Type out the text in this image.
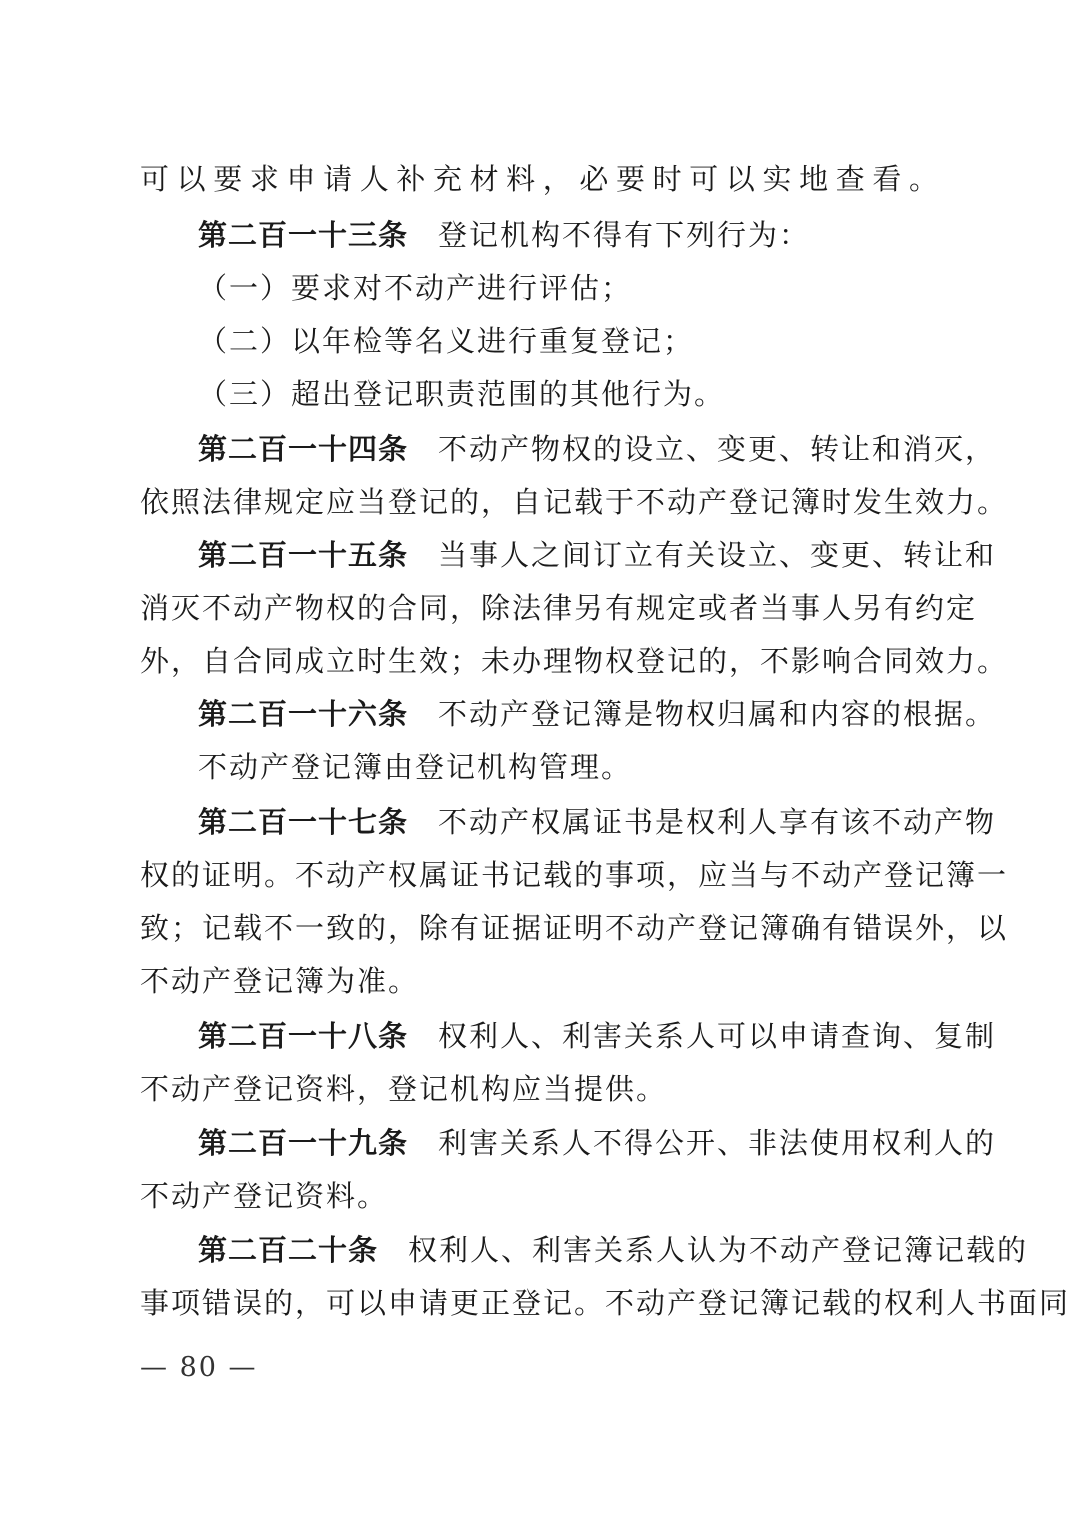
可以要求申请人补充材料，必要时可以实地查看。
第二百一十三条 登记机构不得有下列行为：
（一）要求对不动产进行评估；
（二）以年检等名义进行重复登记；
（三）超出登记职责范围的其他行为。
第二百一十四条 不动产物权的设立、变更、转让和消灭，
依照法律规定应当登记的，自记载于不动产登记簿时发生效力。
第二百一十五条 当事人之间订立有关设立、变更、转让和
消灭不动产物权的合同，除法律另有规定或者当事人另有约定
外，自合同成立时生效；未办理物权登记的，不影响合同效力。
第二百一十六条 不动产登记簿是物权归属和内容的根据。
不动产登记簿由登记机构管理。
第二百一十七条 不动产权属证书是权利人享有该不动产物
权的证明。不动产权属证书记载的事项，应当与不动产登记簿一
致；记载不一致的，除有证据证明不动产登记簿确有错误外，以
不动产登记簿为准。
第二百一十八条 权利人、利害关系人可以申请查询、复制
不动产登记资料，登记机构应当提供。
第二百一十九条 利害关系人不得公开、非法使用权利人的
不动产登记资料。
第二百二十条 权利人、利害关系人认为不动产登记簿记载的
事项错误的，可以申请更正登记。不动产登记簿记载的权利人书面同
— 80 —
